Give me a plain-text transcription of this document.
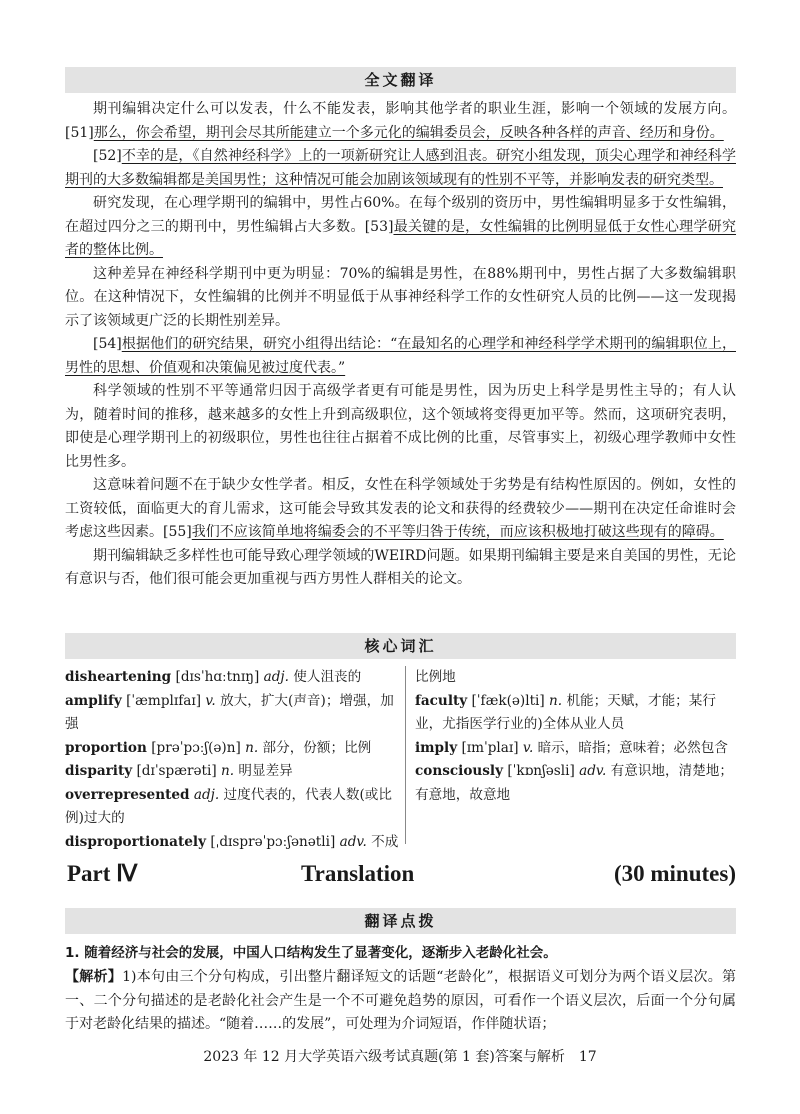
全文翻译

期刊编辑决定什么可以发表，什么不能发表，影响其他学者的职业生涯，影响一个领域的发展方向。[51]那么，你会希望，期刊会尽其所能建立一个多元化的编辑委员会，反映各种各样的声音、经历和身份。

[52]不幸的是，《自然神经科学》上的一项新研究让人感到沮丧。研究小组发现，顶尖心理学和神经科学期刊的大多数编辑都是美国男性；这种情况可能会加剧该领域现有的性别不平等，并影响发表的研究类型。

研究发现，在心理学期刊的编辑中，男性占60%。在每个级别的资历中，男性编辑明显多于女性编辑，在超过四分之三的期刊中，男性编辑占大多数。[53]最关键的是，女性编辑的比例明显低于女性心理学研究者的整体比例。

这种差异在神经科学期刊中更为明显：70%的编辑是男性，在88%期刊中，男性占据了大多数编辑职位。在这种情况下，女性编辑的比例并不明显低于从事神经科学工作的女性研究人员的比例——这一发现揭示了该领域更广泛的长期性别差异。

[54]根据他们的研究结果，研究小组得出结论：“在最知名的心理学和神经科学学术期刊的编辑职位上，男性的思想、价值观和决策偏见被过度代表。”

科学领域的性别不平等通常归因于高级学者更有可能是男性，因为历史上科学是男性主导的；有人认为，随着时间的推移，越来越多的女性上升到高级职位，这个领域将变得更加平等。然而，这项研究表明，即使是心理学期刊上的初级职位，男性也往往占据着不成比例的比重，尽管事实上，初级心理学教师中女性比男性多。

这意味着问题不在于缺少女性学者。相反，女性在科学领域处于劣势是有结构性原因的。例如，女性的工资较低，面临更大的育儿需求，这可能会导致其发表的论文和获得的经费较少——期刊在决定任命谁时会考虑这些因素。[55]我们不应该简单地将编委会的不平等归咎于传统，而应该积极地打破这些现有的障碍。

期刊编辑缺乏多样性也可能导致心理学领域的WEIRD问题。如果期刊编辑主要是来自美国的男性，无论有意识与否，他们很可能会更加重视与西方男性人群相关的论文。

核心词汇
disheartening [dɪsˈhɑːtnɪŋ] adj. 使人沮丧的
amplify [ˈæmplɪfaɪ] v. 放大，扩大(声音)；增强，加强
proportion [prəˈpɔːʃ(ə)n] n. 部分，份额；比例
disparity [dɪˈspærəti] n. 明显差异
overrepresented adj. 过度代表的，代表人数(或比例)过大的
disproportionately [ˌdɪsprəˈpɔːʃənətli] adv. 不成
比例地
faculty [ˈfæk(ə)lti] n. 机能；天赋，才能；某行业，尤指医学行业的)全体从业人员
imply [ɪmˈplaɪ] v. 暗示，暗指；意味着；必然包含
consciously [ˈkɒnʃəsli] adv. 有意识地，清楚地；有意地，故意地
Part Ⅳ	Translation	(30 minutes)
翻译点拨
1. 随着经济与社会的发展，中国人口结构发生了显著变化，逐渐步入老龄化社会。
【解析】1)本句由三个分句构成，引出整片翻译短文的话题“老龄化”，根据语义可划分为两个语义层次。第一、二个分句描述的是老龄化社会产生是一个不可避免趋势的原因，可看作一个语义层次，后面一个分句属于对老龄化结果的描述。“随着……的发展”，可处理为介词短语，作伴随状语；
2023 年 12 月大学英语六级考试真题(第 1 套)答案与解析　17
